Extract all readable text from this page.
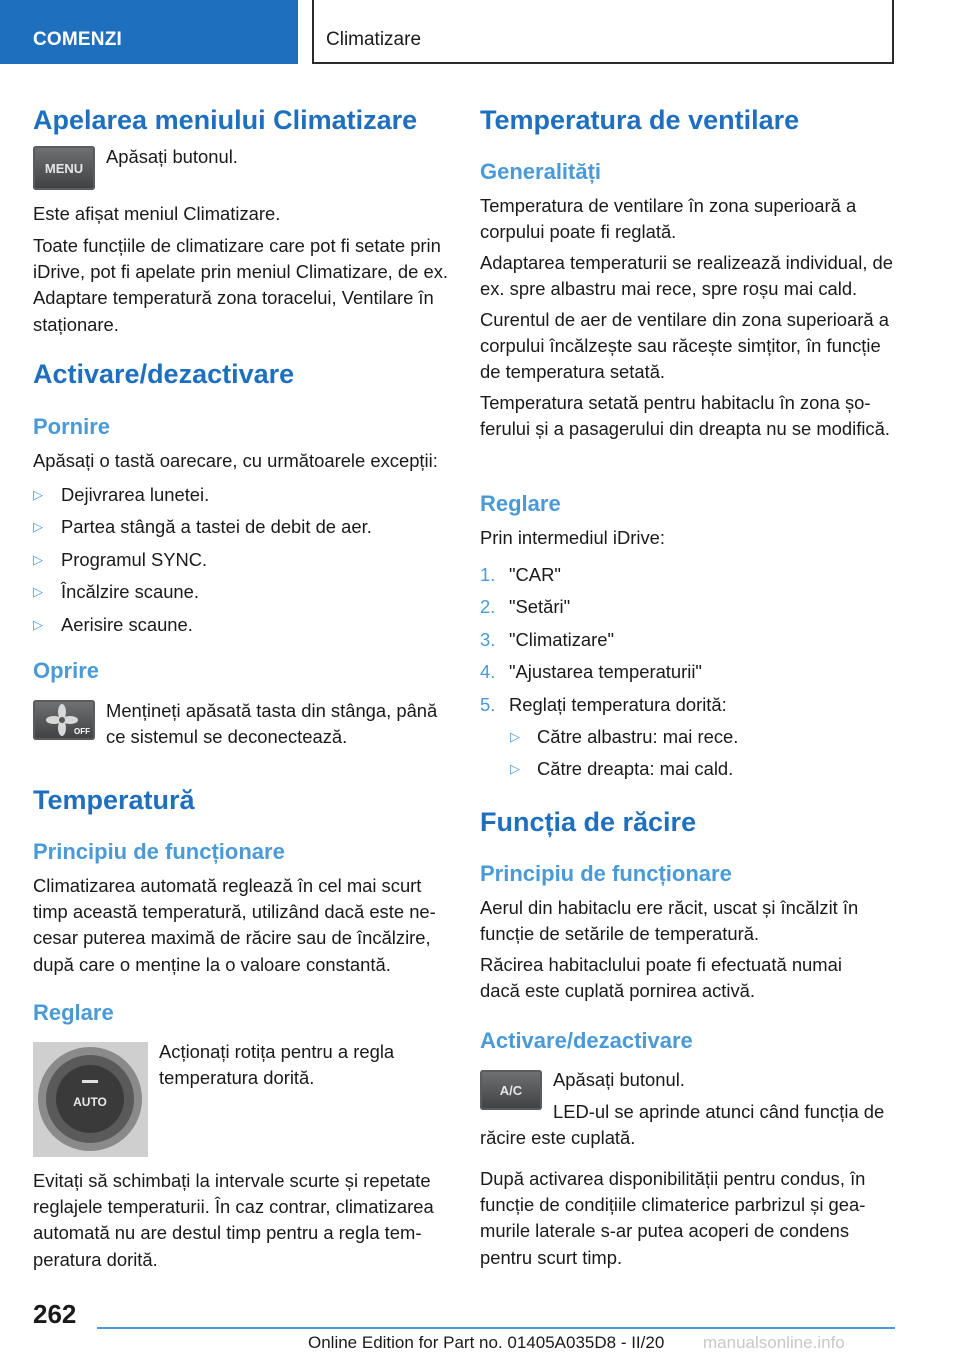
COMENZI	Climatizare
Apelarea meniului Climatizare
MENU

Apăsați butonul.

Este afișat meniul Climatizare.

Toate funcțiile de climatizare care pot fi setate prin iDrive, pot fi apelate prin meniul Climatizare, de ex. Adaptare temperatură zona toracelui, Ventilare în staționare.

Activare/dezactivare
Pornire

Apăsați o tastă oarecare, cu următoarele excepții:

▷ Dejivrarea lunetei.
▷ Partea stângă a tastei de debit de aer.
▷ Programul SYNC.
▷ Încălzire scaune.
▷ Aerisire scaune.
Oprire
OFF

Mențineți apăsată tasta din stânga, până ce sistemul se deconectează.

Temperatură
Principiu de funcționare

Climatizarea automată reglează în cel mai scurt timp această temperatură, utilizând dacă este necesar puterea maximă de răcire sau de încălzire, după care o menține la o valoare constantă.

Reglare
AUTO

Acționați rotița pentru a regla temperatura dorită.

Evitați să schimbați la intervale scurte și repetate reglajele temperaturii. În caz contrar, climatizarea automată nu are destul timp pentru a regla temperatura dorită.

Temperatura de ventilare
Generalități

Temperatura de ventilare în zona superioară a corpului poate fi reglată.

Adaptarea temperaturii se realizează individual, de ex. spre albastru mai rece, spre roșu mai cald.

Curentul de aer de ventilare din zona superioară a corpului încălzește sau răcește simțitor, în funcție de temperatura setată.

Temperatura setată pentru habitaclu în zona șoferului și a pasagerului din dreapta nu se modifică.

Reglare

Prin intermediul iDrive:

1. "CAR"
2. "Setări"
3. "Climatizare"
4. "Ajustarea temperaturii"
5. Reglați temperatura dorită:
▷ Către albastru: mai rece.
▷ Către dreapta: mai cald.
Funcția de răcire
Principiu de funcționare

Aerul din habitaclu ere răcit, uscat și încălzit în funcție de setările de temperatură.

Răcirea habitaclului poate fi efectuată numai dacă este cuplată pornirea activă.

Activare/dezactivare
A/C Apăsați butonul.

LED-ul se aprinde atunci când funcția de răcire este cuplată.

După activarea disponibilității pentru condus, în funcție de condițiile climaterice parbrizul și geamurile laterale s-ar putea acoperi de condens pentru scurt timp.

262
Online Edition for Part no. 01405A035D8 - II/20 manualsonline.info
